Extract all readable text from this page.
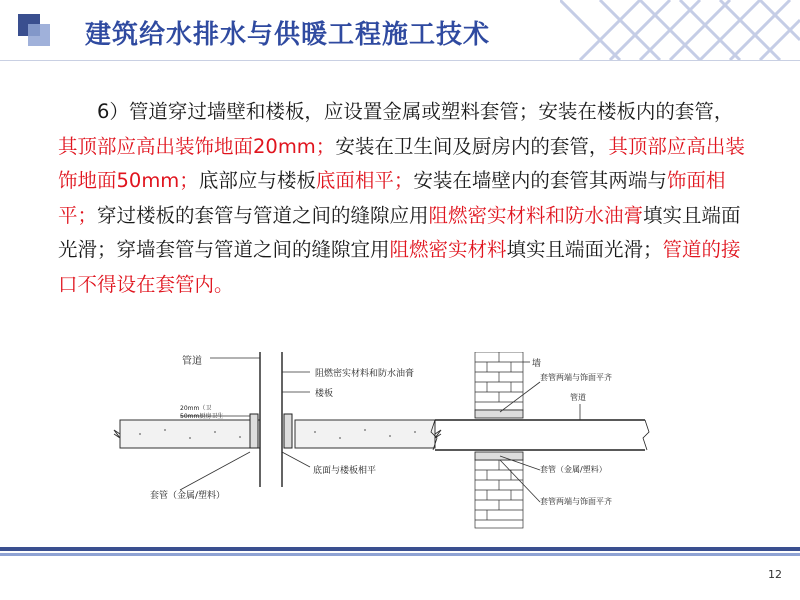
建筑给水排水与供暖工程施工技术

6）管道穿过墙壁和楼板，应设置金属或塑料套管；安装在楼板内的套管，其顶部应高出装饰地面20mm；安装在卫生间及厨房内的套管，其顶部应高出装饰地面50mm；底部应与楼板底面相平；安装在墙壁内的套管其两端与饰面相平；穿过楼板的套管与管道之间的缝隙应用阻燃密实材料和防水油膏填实且端面光滑；穿墙套管与管道之间的缝隙宜用阻燃密实材料填实且端面光滑；管道的接口不得设在套管内。

管道
阻燃密实材料和防水油膏
楼板
20mm（卫
50mm厨房卫生
底面与楼板相平
套管（金属/塑料）
墙
套管两端与饰面平齐
管道
套管（金属/塑料）
套管两端与饰面平齐
12
